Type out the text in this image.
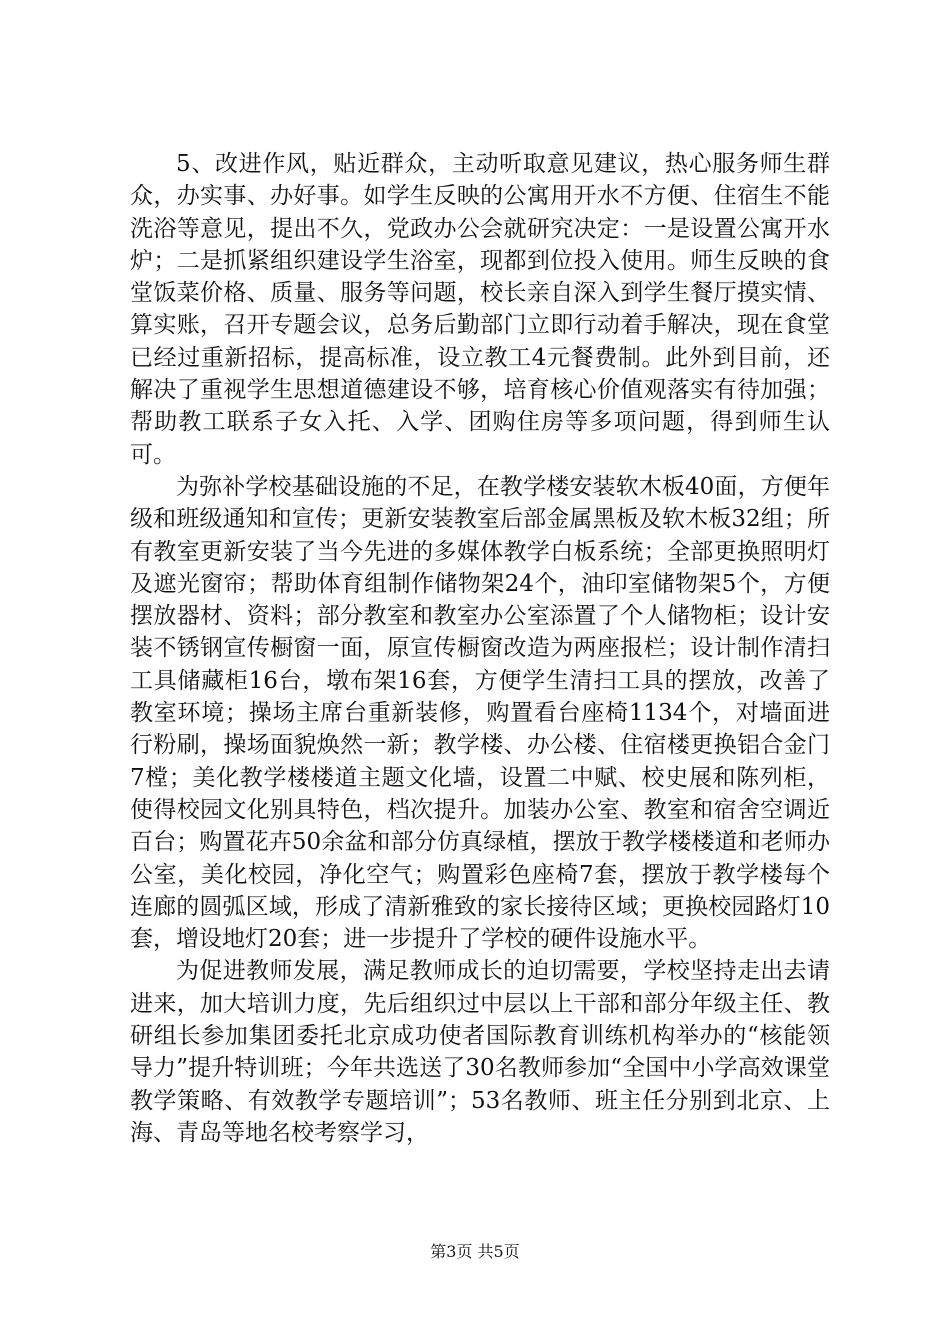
5、改进作风，贴近群众，主动听取意见建议，热心服务师生群众，办实事、办好事。如学生反映的公寓用开水不方便、住宿生不能洗浴等意见，提出不久，党政办公会就研究决定：一是设置公寓开水炉；二是抓紧组织建设学生浴室，现都到位投入使用。师生反映的食堂饭菜价格、质量、服务等问题，校长亲自深入到学生餐厅摸实情、算实账，召开专题会议，总务后勤部门立即行动着手解决，现在食堂已经过重新招标，提高标准，设立教工4元餐费制。此外到目前，还解决了重视学生思想道德建设不够，培育核心价值观落实有待加强；帮助教工联系子女入托、入学、团购住房等多项问题，得到师生认可。

为弥补学校基础设施的不足，在教学楼安装软木板40面，方便年级和班级通知和宣传；更新安装教室后部金属黑板及软木板32组；所有教室更新安装了当今先进的多媒体教学白板系统；全部更换照明灯及遮光窗帘；帮助体育组制作储物架24个，油印室储物架5个，方便摆放器材、资料；部分教室和教室办公室添置了个人储物柜；设计安装不锈钢宣传橱窗一面，原宣传橱窗改造为两座报栏；设计制作清扫工具储藏柜16台，墩布架16套，方便学生清扫工具的摆放，改善了教室环境；操场主席台重新装修，购置看台座椅1134个，对墙面进行粉刷，操场面貌焕然一新；教学楼、办公楼、住宿楼更换铝合金门7樘；美化教学楼楼道主题文化墙，设置二中赋、校史展和陈列柜，使得校园文化别具特色，档次提升。加装办公室、教室和宿舍空调近百台；购置花卉50余盆和部分仿真绿植，摆放于教学楼楼道和老师办公室，美化校园，净化空气；购置彩色座椅7套，摆放于教学楼每个连廊的圆弧区域，形成了清新雅致的家长接待区域；更换校园路灯10套，增设地灯20套；进一步提升了学校的硬件设施水平。

为促进教师发展，满足教师成长的迫切需要，学校坚持走出去请进来，加大培训力度，先后组织过中层以上干部和部分年级主任、教研组长参加集团委托北京成功使者国际教育训练机构举办的“核能领导力”提升特训班；今年共选送了30名教师参加“全国中小学高效课堂教学策略、有效教学专题培训”；53名教师、班主任分别到北京、上海、青岛等地名校考察学习，

第3页 共5页
